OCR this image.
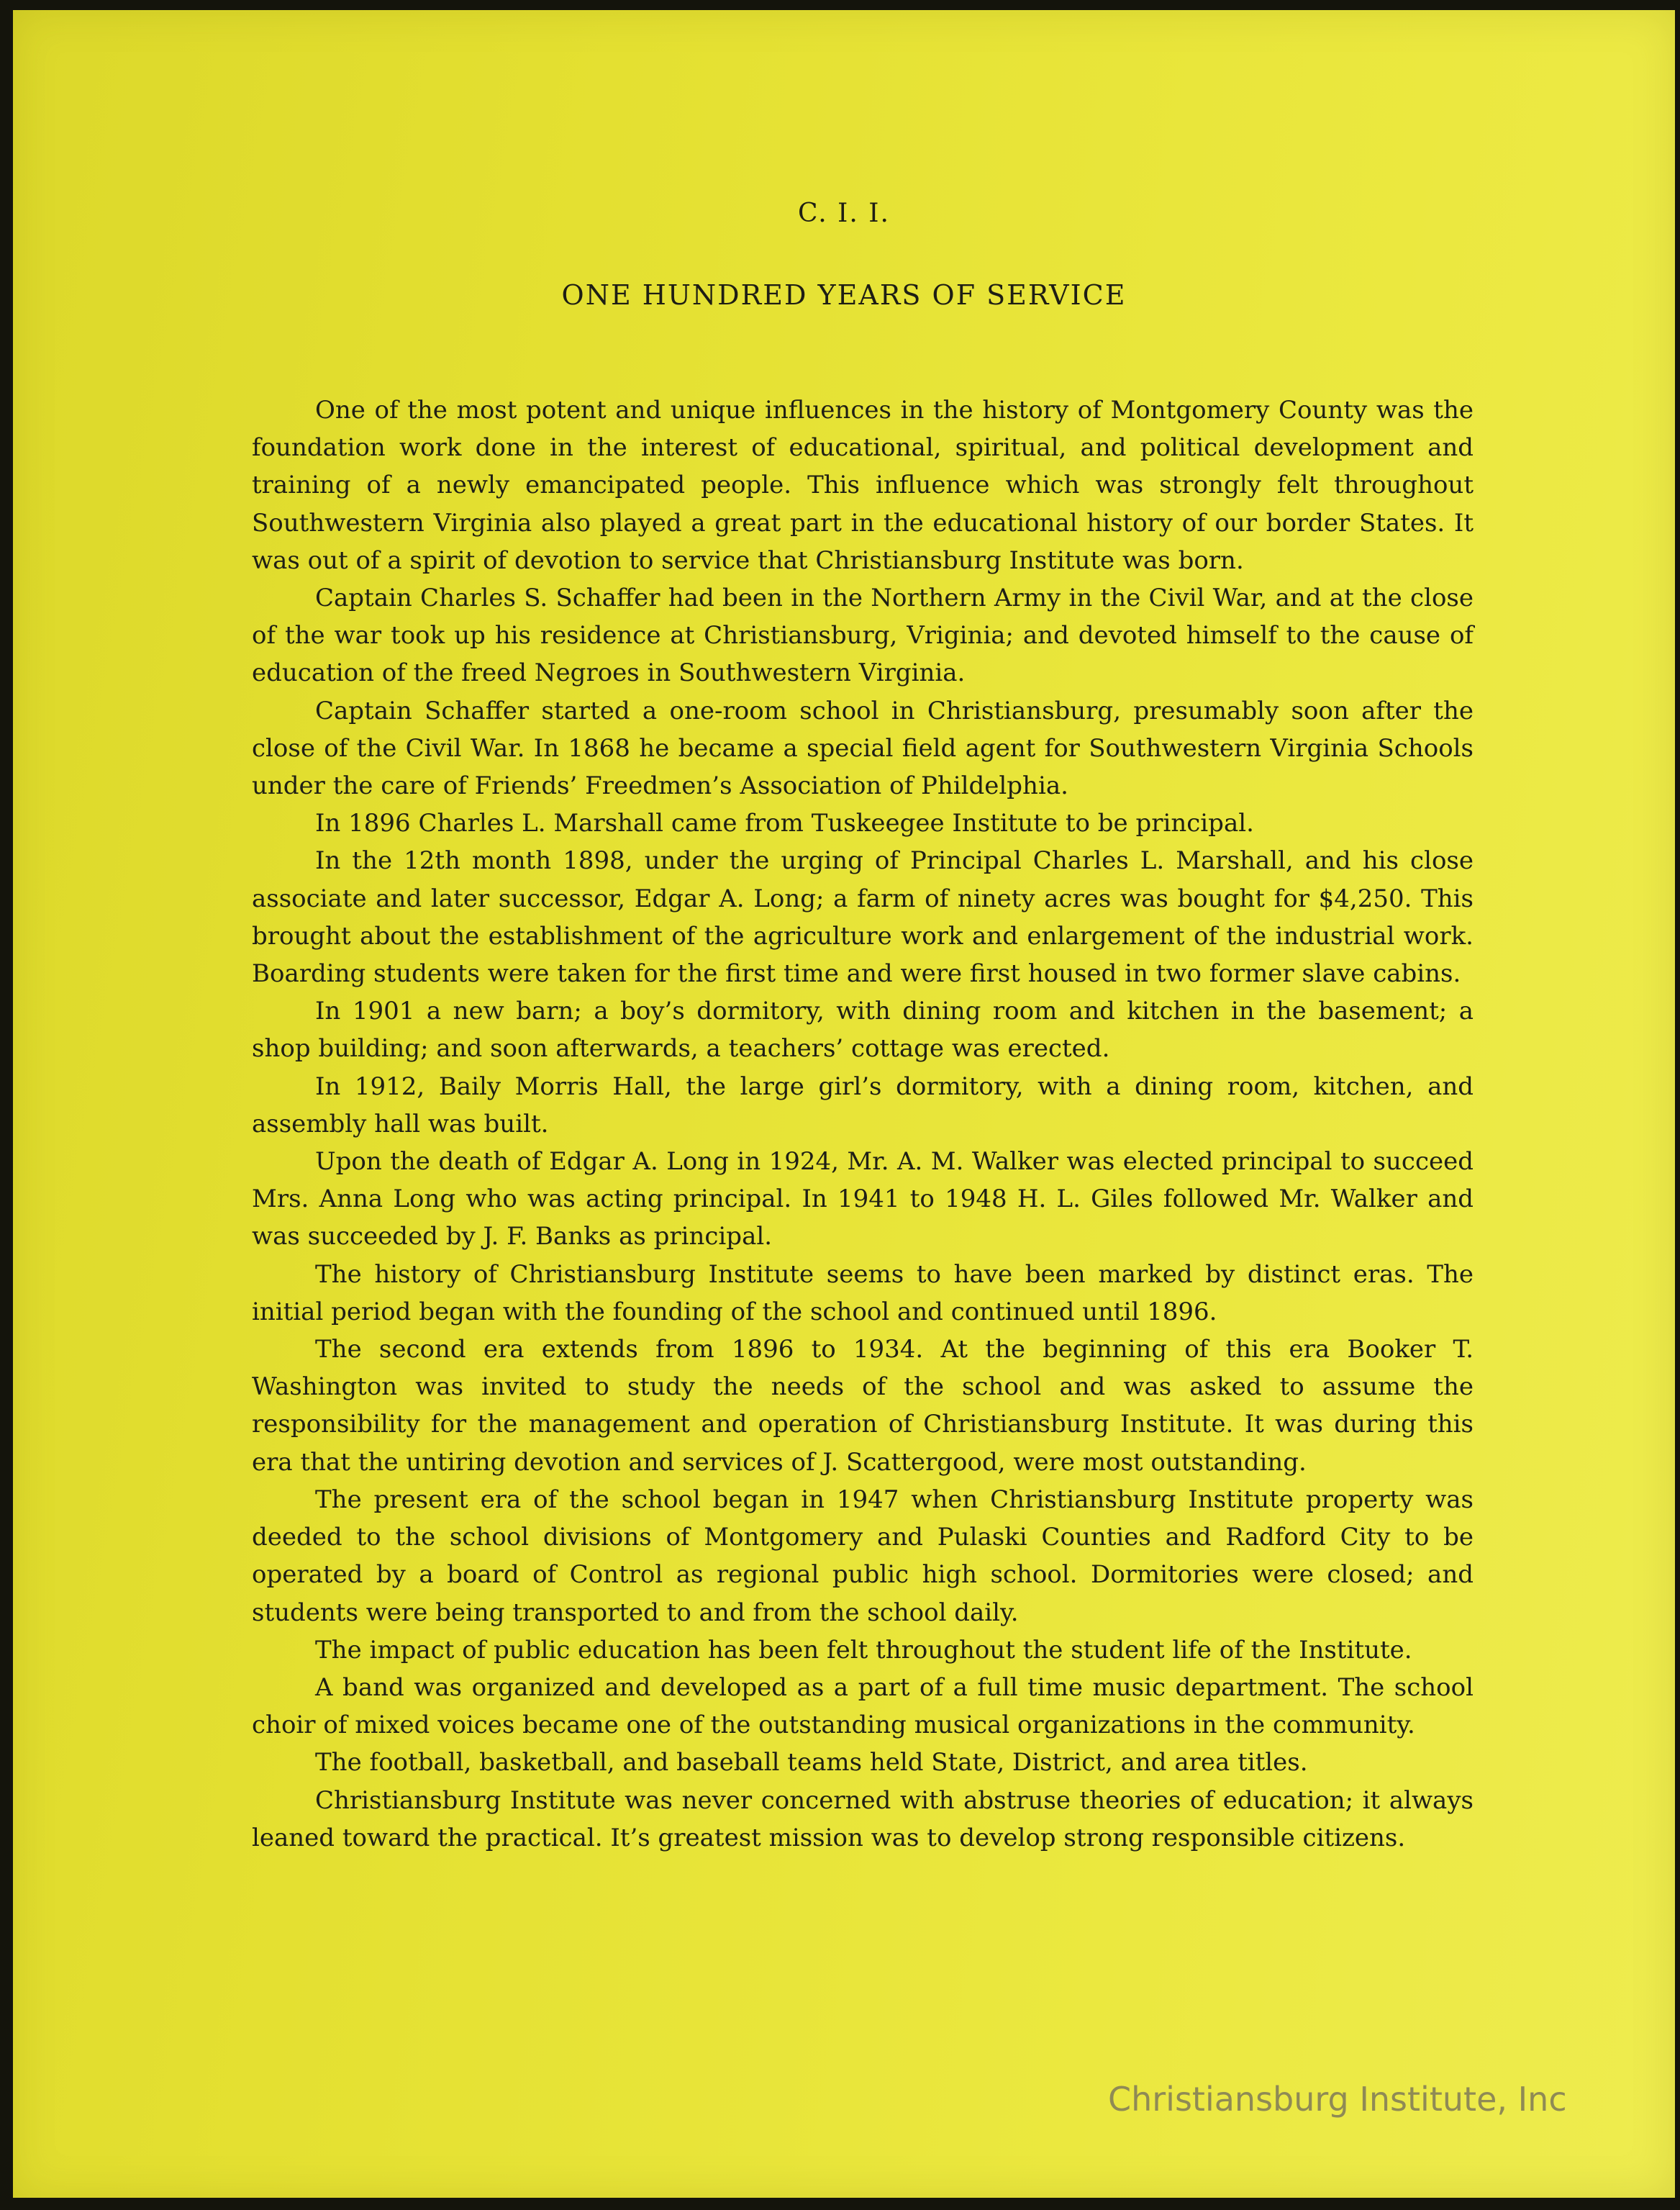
C. I. I.
ONE HUNDRED YEARS OF SERVICE

One of the most potent and unique influences in the history of Montgomery County was the foundation work done in the interest of educational, spiritual, and political development and training of a newly emancipated people. This influence which was strongly felt throughout Southwestern Virginia also played a great part in the educational history of our border States. It was out of a spirit of devotion to service that Christiansburg Institute was born.

Captain Charles S. Schaffer had been in the Northern Army in the Civil War, and at the close of the war took up his residence at Christiansburg, Vriginia; and devoted himself to the cause of education of the freed Negroes in Southwestern Virginia.

Captain Schaffer started a one-room school in Christiansburg, presumably soon after the close of the Civil War. In 1868 he became a special field agent for Southwestern Virginia Schools under the care of Friends’ Freedmen’s Association of Phildelphia.

In 1896 Charles L. Marshall came from Tuskeegee Institute to be principal.

In the 12th month 1898, under the urging of Principal Charles L. Marshall, and his close associate and later successor, Edgar A. Long; a farm of ninety acres was bought for $4,250. This brought about the establishment of the agriculture work and enlargement of the industrial work. Boarding students were taken for the first time and were first housed in two former slave cabins.

In 1901 a new barn; a boy’s dormitory, with dining room and kitchen in the basement; a shop building; and soon afterwards, a teachers’ cottage was erected.

In 1912, Baily Morris Hall, the large girl’s dormitory, with a dining room, kitchen, and assembly hall was built.

Upon the death of Edgar A. Long in 1924, Mr. A. M. Walker was elected principal to succeed Mrs. Anna Long who was acting principal. In 1941 to 1948 H. L. Giles followed Mr. Walker and was succeeded by J. F. Banks as principal.

The history of Christiansburg Institute seems to have been marked by distinct eras. The initial period began with the founding of the school and continued until 1896.

The second era extends from 1896 to 1934. At the beginning of this era Booker T. Washington was invited to study the needs of the school and was asked to assume the responsibility for the management and operation of Christiansburg Institute. It was during this era that the untiring devotion and services of J. Scattergood, were most outstanding.

The present era of the school began in 1947 when Christiansburg Institute property was deeded to the school divisions of Montgomery and Pulaski Counties and Radford City to be operated by a board of Control as regional public high school. Dormitories were closed; and students were being transported to and from the school daily.

The impact of public education has been felt throughout the student life of the Institute.

A band was organized and developed as a part of a full time music department. The school choir of mixed voices became one of the outstanding musical organizations in the community.

The football, basketball, and baseball teams held State, District, and area titles.

Christiansburg Institute was never concerned with abstruse theories of education; it always leaned toward the practical. It’s greatest mission was to develop strong responsible citizens.

Christiansburg Institute, Inc
